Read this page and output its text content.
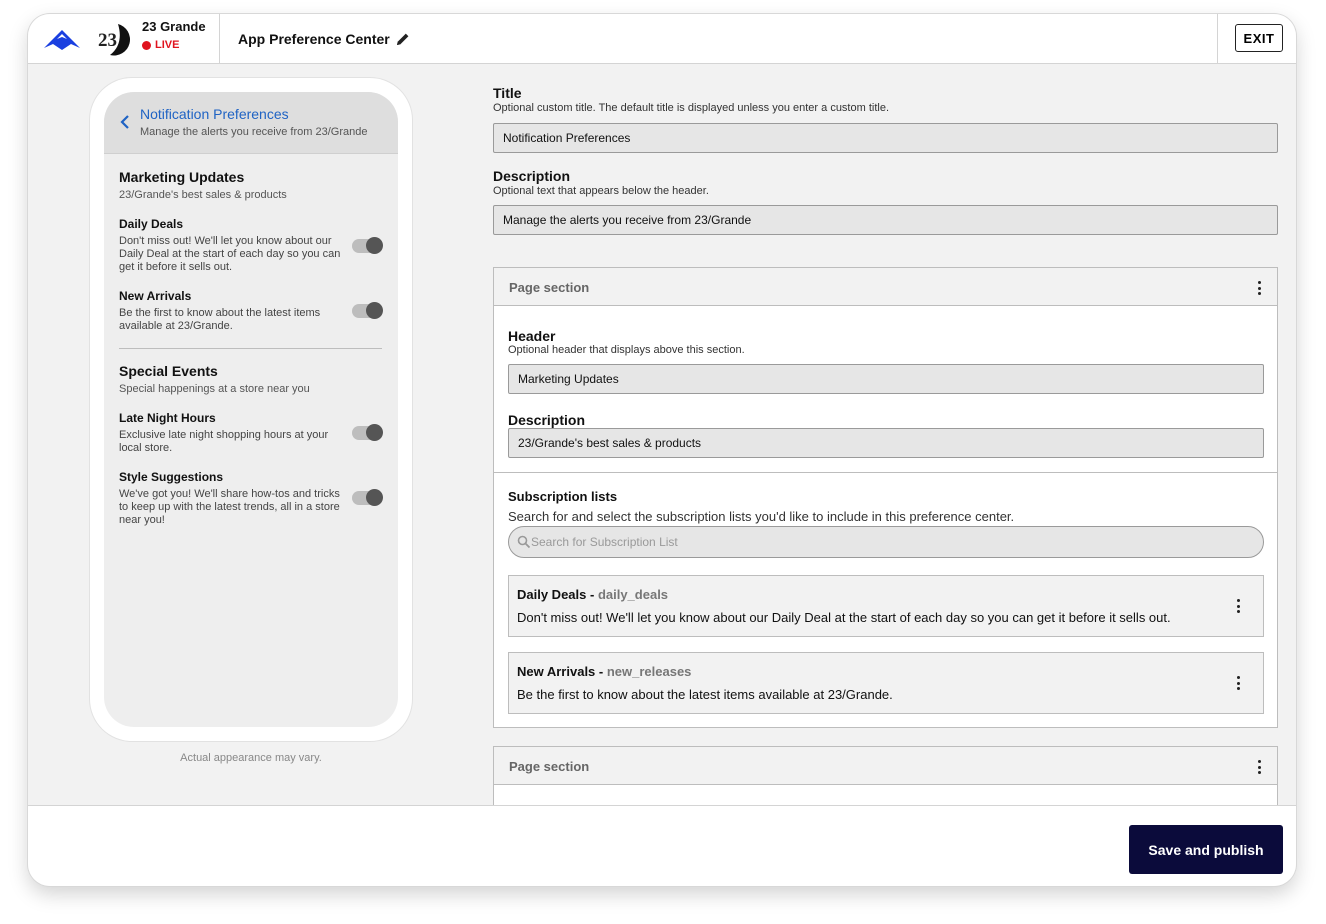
23
23 Grande
LIVE	App Preference Center	EXIT
Notification Preferences
Manage the alerts you receive from 23/Grande
Marketing Updates
23/Grande's best sales & products
Daily Deals
Don't miss out! We'll let you know about our Daily Deal at the start of each day so you can get it before it sells out.
New Arrivals
Be the first to know about the latest items available at 23/Grande.
Special Events
Special happenings at a store near you
Late Night Hours
Exclusive late night shopping hours at your local store.
Style Suggestions
We've got you! We'll share how-tos and tricks to keep up with the latest trends, all in a store near you!
Actual appearance may vary.
Title
Optional custom title. The default title is displayed unless you enter a custom title.
Notification Preferences
Description
Optional text that appears below the header.
Manage the alerts you receive from 23/Grande
Page section
Header
Optional header that displays above this section.
Marketing Updates
Description
23/Grande's best sales & products
Subscription lists
Search for and select the subscription lists you'd like to include in this preference center.
Search for Subscription List
Daily Deals - daily_deals
Don't miss out! We'll let you know about our Daily Deal at the start of each day so you can get it before it sells out.
New Arrivals - new_releases
Be the first to know about the latest items available at 23/Grande.
Page section
Save and publish
